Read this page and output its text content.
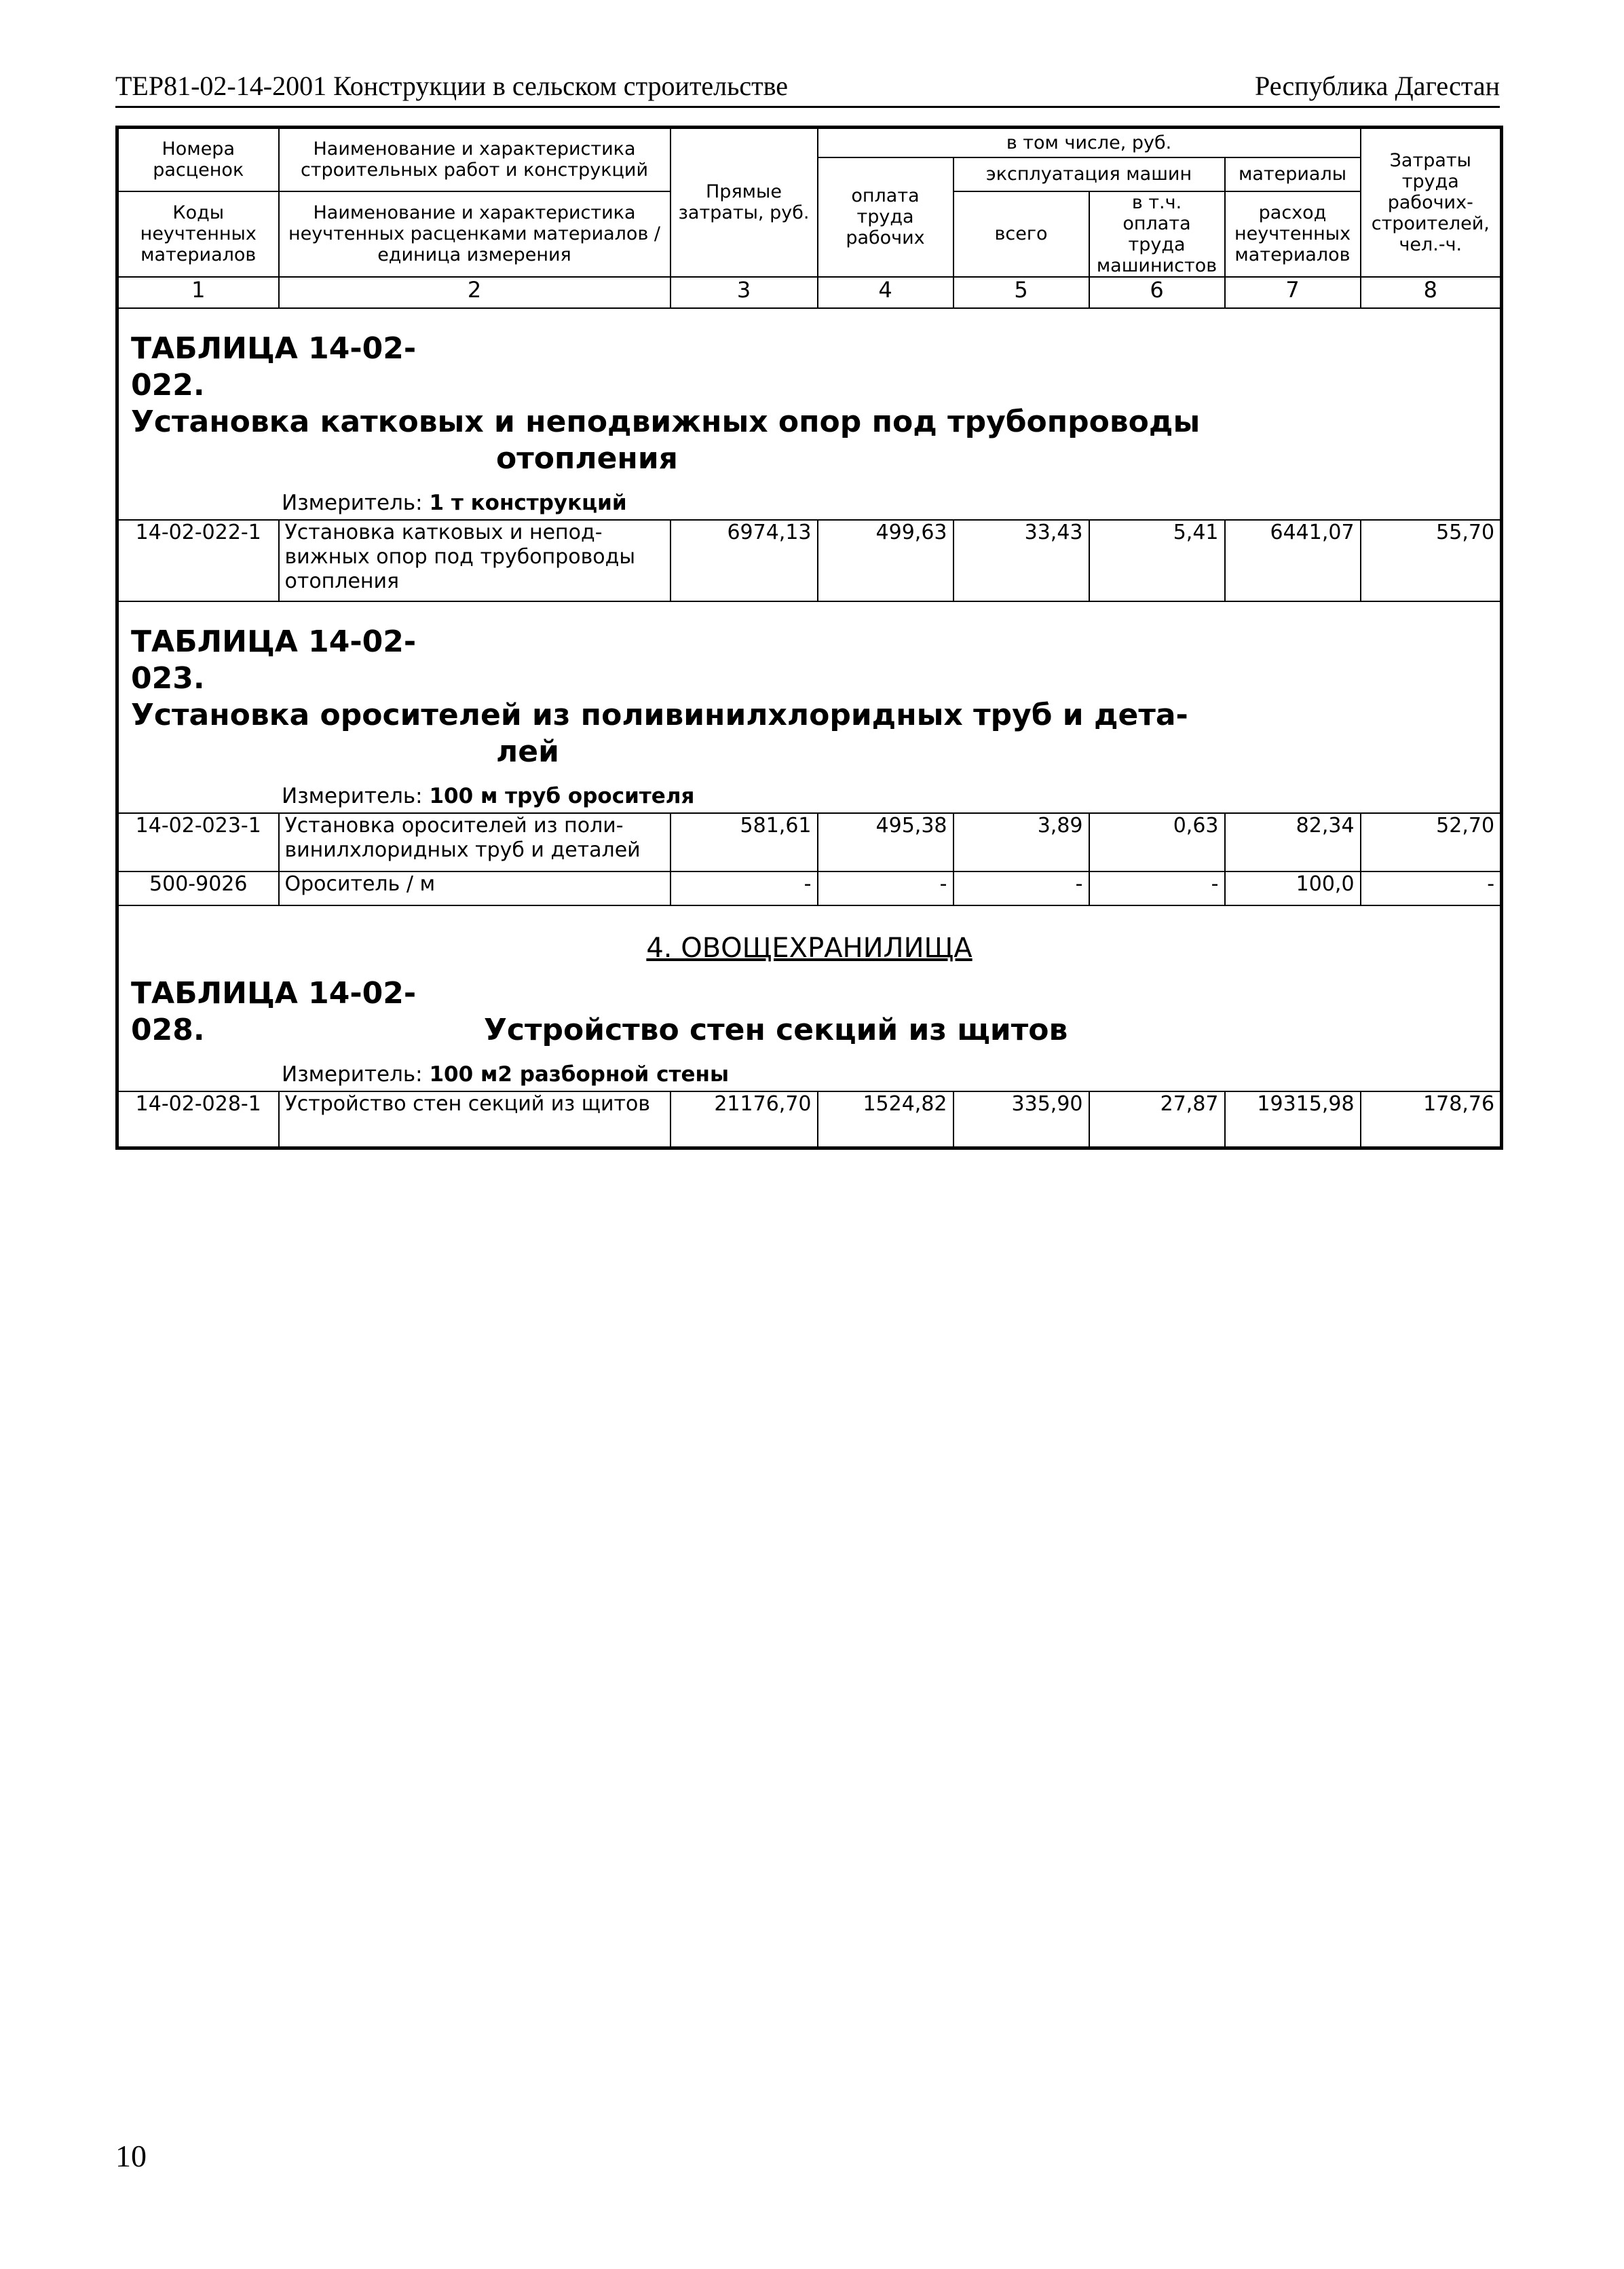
ТЕР81-02-14-2001 Конструкции в сельском строительстве	Республика Дагестан
Номера расценок	Наименование и характеристика строительных работ и конструкций	Прямые затраты, руб.	в том числе, руб.				Затраты труда рабочих-строителей, чел.-ч.
			оплата труда рабочих	эксплуатация машин		материалы	
Коды неучтенных материалов	Наименование и характеристика неучтенных расценками материалов / единица измерения			всего	в т.ч. оплата труда машинистов	расход неучтенных материалов	

1	2	3	4	5	6	7	8

ТАБЛИЦА 14-02-022.Установка катковых и неподвижных опор под трубопроводы
отопления
Измеритель: 1 т конструкций							

14-02-022-1	Установка катковых и непод-вижных опор под трубопроводы отопления	6974,13	499,63	33,43	5,41	6441,07	55,70

ТАБЛИЦА 14-02-023.Установка оросителей из поливинилхлоридных труб и дета-
лей
Измеритель: 100 м труб оросителя							

14-02-023-1	Установка оросителей из поли-винилхлоридных труб и деталей	581,61	495,38	3,89	0,63	82,34	52,70
500-9026	Ороситель / м	-	-	-	-	100,0	-

4. ОВОЩЕХРАНИЛИЩА
ТАБЛИЦА 14-02-028. Устройство стен секций из щитов
Измеритель: 100 м2 разборной стены							

14-02-028-1	Устройство стен секций из щитов	21176,70	1524,82	335,90	27,87	19315,98	178,76
10
